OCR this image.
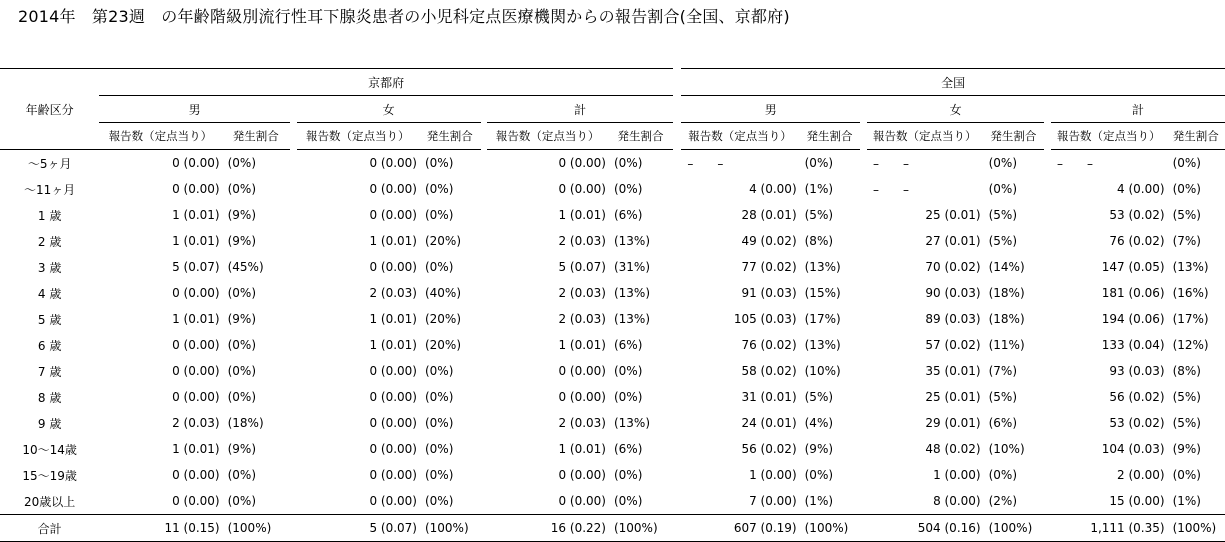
2014年　第23週　の年齢階級別流行性耳下腺炎患者の小児科定点医療機関からの報告割合(全国、京都府)
	京都府									全国							
年齢区分	男			女			計			男			女			計	
	報告数（定点当り）	発生割合		報告数（定点当り）	発生割合		報告数（定点当り）	発生割合		報告数（定点当り）	発生割合		報告数（定点当り）	発生割合		報告数（定点当り）	発生割合
～5ヶ月	0 (0.00)	(0%)		0 (0.00)	(0%)		0 (0.00)	(0%)		–　　–	(0%)		–　　–	(0%)		–　　–	(0%)
～11ヶ月	0 (0.00)	(0%)		0 (0.00)	(0%)		0 (0.00)	(0%)		4 (0.00)	(1%)		–　　–	(0%)		4 (0.00)	(0%)
1 歳	1 (0.01)	(9%)		0 (0.00)	(0%)		1 (0.01)	(6%)		28 (0.01)	(5%)		25 (0.01)	(5%)		53 (0.02)	(5%)
2 歳	1 (0.01)	(9%)		1 (0.01)	(20%)		2 (0.03)	(13%)		49 (0.02)	(8%)		27 (0.01)	(5%)		76 (0.02)	(7%)
3 歳	5 (0.07)	(45%)		0 (0.00)	(0%)		5 (0.07)	(31%)		77 (0.02)	(13%)		70 (0.02)	(14%)		147 (0.05)	(13%)
4 歳	0 (0.00)	(0%)		2 (0.03)	(40%)		2 (0.03)	(13%)		91 (0.03)	(15%)		90 (0.03)	(18%)		181 (0.06)	(16%)
5 歳	1 (0.01)	(9%)		1 (0.01)	(20%)		2 (0.03)	(13%)		105 (0.03)	(17%)		89 (0.03)	(18%)		194 (0.06)	(17%)
6 歳	0 (0.00)	(0%)		1 (0.01)	(20%)		1 (0.01)	(6%)		76 (0.02)	(13%)		57 (0.02)	(11%)		133 (0.04)	(12%)
7 歳	0 (0.00)	(0%)		0 (0.00)	(0%)		0 (0.00)	(0%)		58 (0.02)	(10%)		35 (0.01)	(7%)		93 (0.03)	(8%)
8 歳	0 (0.00)	(0%)		0 (0.00)	(0%)		0 (0.00)	(0%)		31 (0.01)	(5%)		25 (0.01)	(5%)		56 (0.02)	(5%)
9 歳	2 (0.03)	(18%)		0 (0.00)	(0%)		2 (0.03)	(13%)		24 (0.01)	(4%)		29 (0.01)	(6%)		53 (0.02)	(5%)
10～14歳	1 (0.01)	(9%)		0 (0.00)	(0%)		1 (0.01)	(6%)		56 (0.02)	(9%)		48 (0.02)	(10%)		104 (0.03)	(9%)
15～19歳	0 (0.00)	(0%)		0 (0.00)	(0%)		0 (0.00)	(0%)		1 (0.00)	(0%)		1 (0.00)	(0%)		2 (0.00)	(0%)
20歳以上	0 (0.00)	(0%)		0 (0.00)	(0%)		0 (0.00)	(0%)		7 (0.00)	(1%)		8 (0.00)	(2%)		15 (0.00)	(1%)
合計	11 (0.15)	(100%)		5 (0.07)	(100%)		16 (0.22)	(100%)		607 (0.19)	(100%)		504 (0.16)	(100%)		1,111 (0.35)	(100%)
